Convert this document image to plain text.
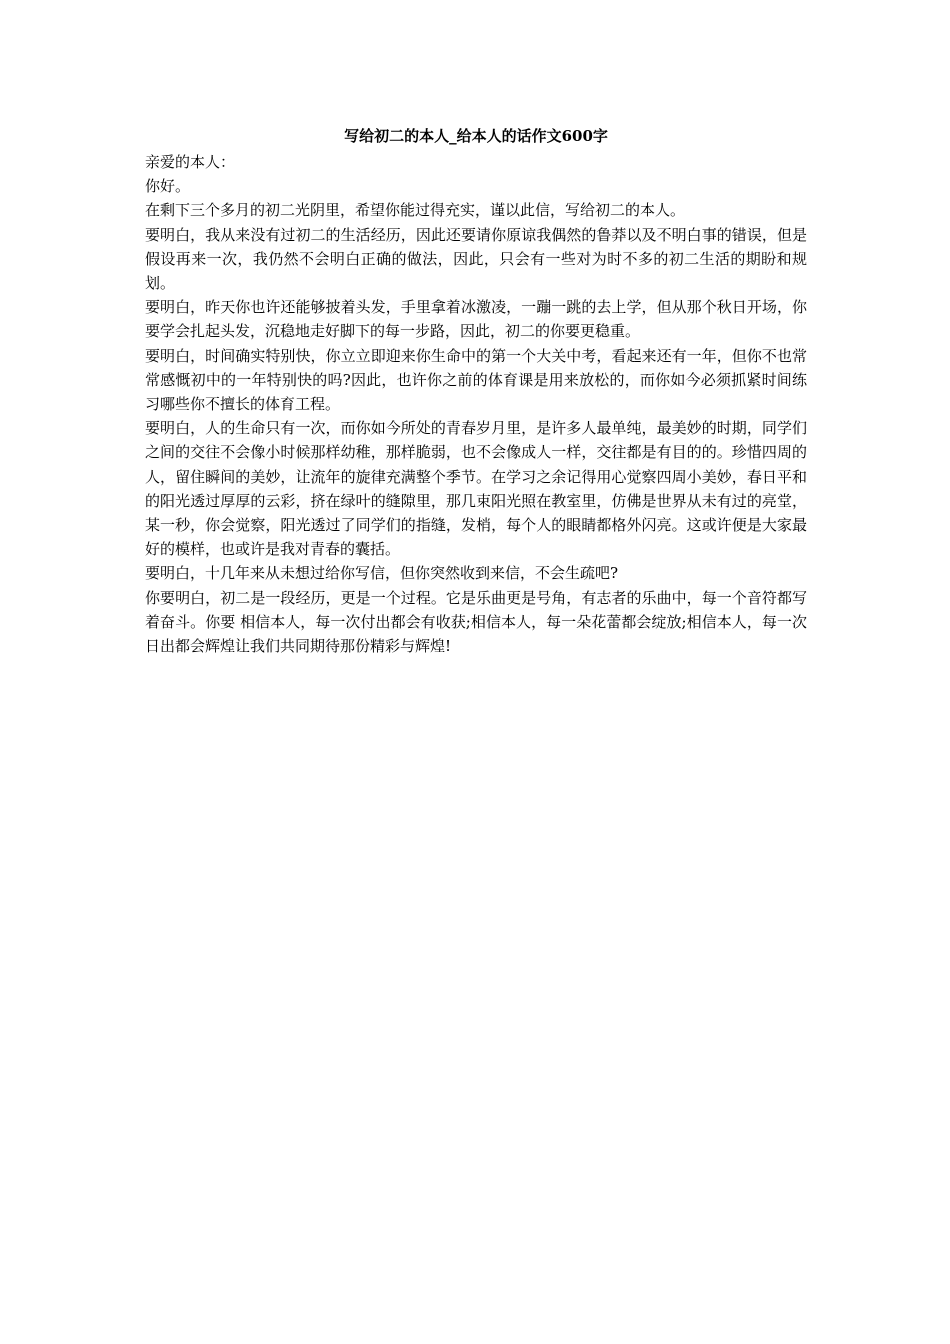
写给初二的本人_给本人的话作文600字

亲爱的本人：

你好。

在剩下三个多月的初二光阴里，希望你能过得充实，谨以此信，写给初二的本人。

要明白，我从来没有过初二的生活经历，因此还要请你原谅我偶然的鲁莽以及不明白事的错误，但是假设再来一次，我仍然不会明白正确的做法，因此，只会有一些对为时不多的初二生活的期盼和规划。

要明白，昨天你也许还能够披着头发，手里拿着冰激凌，一蹦一跳的去上学，但从那个秋日开场，你要学会扎起头发，沉稳地走好脚下的每一步路，因此，初二的你要更稳重。

要明白，时间确实特别快，你立立即迎来你生命中的第一个大关中考，看起来还有一年，但你不也常常感慨初中的一年特别快的吗?因此，也许你之前的体育课是用来放松的，而你如今必须抓紧时间练习哪些你不擅长的体育工程。

要明白，人的生命只有一次，而你如今所处的青春岁月里，是许多人最单纯，最美妙的时期，同学们之间的交往不会像小时候那样幼稚，那样脆弱，也不会像成人一样，交往都是有目的的。珍惜四周的人，留住瞬间的美妙，让流年的旋律充满整个季节。在学习之余记得用心觉察四周小美妙，春日平和的阳光透过厚厚的云彩，挤在绿叶的缝隙里，那几束阳光照在教室里，仿佛是世界从未有过的亮堂，某一秒，你会觉察，阳光透过了同学们的指缝，发梢，每个人的眼睛都格外闪亮。这或许便是大家最好的模样，也或许是我对青春的囊括。

要明白，十几年来从未想过给你写信，但你突然收到来信，不会生疏吧?

你要明白，初二是一段经历，更是一个过程。它是乐曲更是号角，有志者的乐曲中，每一个音符都写着奋斗。你要 相信本人，每一次付出都会有收获;相信本人，每一朵花蕾都会绽放;相信本人，每一次日出都会辉煌让我们共同期待那份精彩与辉煌!
